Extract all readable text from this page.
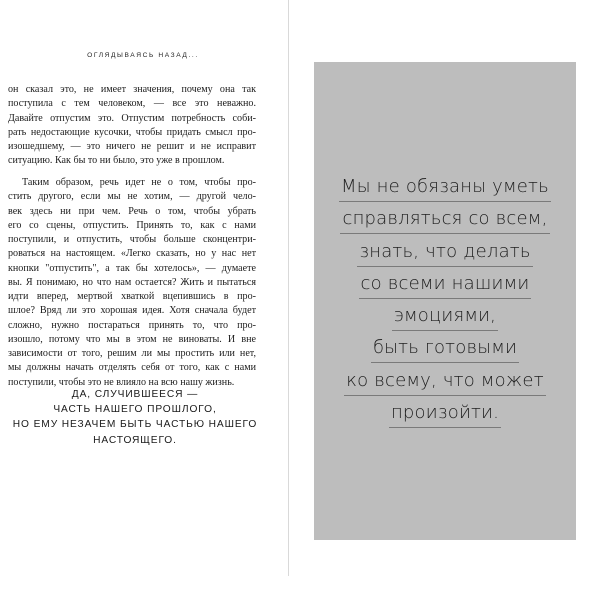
ОГЛЯДЫВАЯСЬ НАЗАД...

он сказал это, не имеет значения, почему она так
поступила с тем человеком, — все это неважно.
Давайте отпустим это. Отпустим потребность соби-
рать недостающие кусочки, чтобы придать смысл про-
изошедшему, — это ничего не решит и не исправит
ситуацию. Как бы то ни было, это уже в прошлом.

Таким образом, речь идет не о том, чтобы про-
стить другого, если мы не хотим, — другой чело-
век здесь ни при чем. Речь о том, чтобы убрать
его со сцены, отпустить. Принять то, как с нами
поступили, и отпустить, чтобы больше сконцентри-
роваться на настоящем. «Легко сказать, но у нас нет
кнопки "отпустить", а так бы хотелось», — думаете
вы. Я понимаю, но что нам остается? Жить и пытаться
идти вперед, мертвой хваткой вцепившись в про-
шлое? Вряд ли это хорошая идея. Хотя сначала будет
сложно, нужно постараться принять то, что про-
изошло, потому что мы в этом не виноваты. И вне
зависимости от того, решим ли мы простить или нет,
мы должны начать отделять себя от того, как с нами
поступили, чтобы это не влияло на всю нашу жизнь.

ДА, СЛУЧИВШЕЕСЯ —
ЧАСТЬ НАШЕГО ПРОШЛОГО,
НО ЕМУ НЕЗАЧЕМ БЫТЬ ЧАСТЬЮ НАШЕГО
НАСТОЯЩЕГО.
Мы не обязаны уметь
справляться со всем,
знать, что делать
со всеми нашими
эмоциями,
быть готовыми
ко всему, что может
произойти.
